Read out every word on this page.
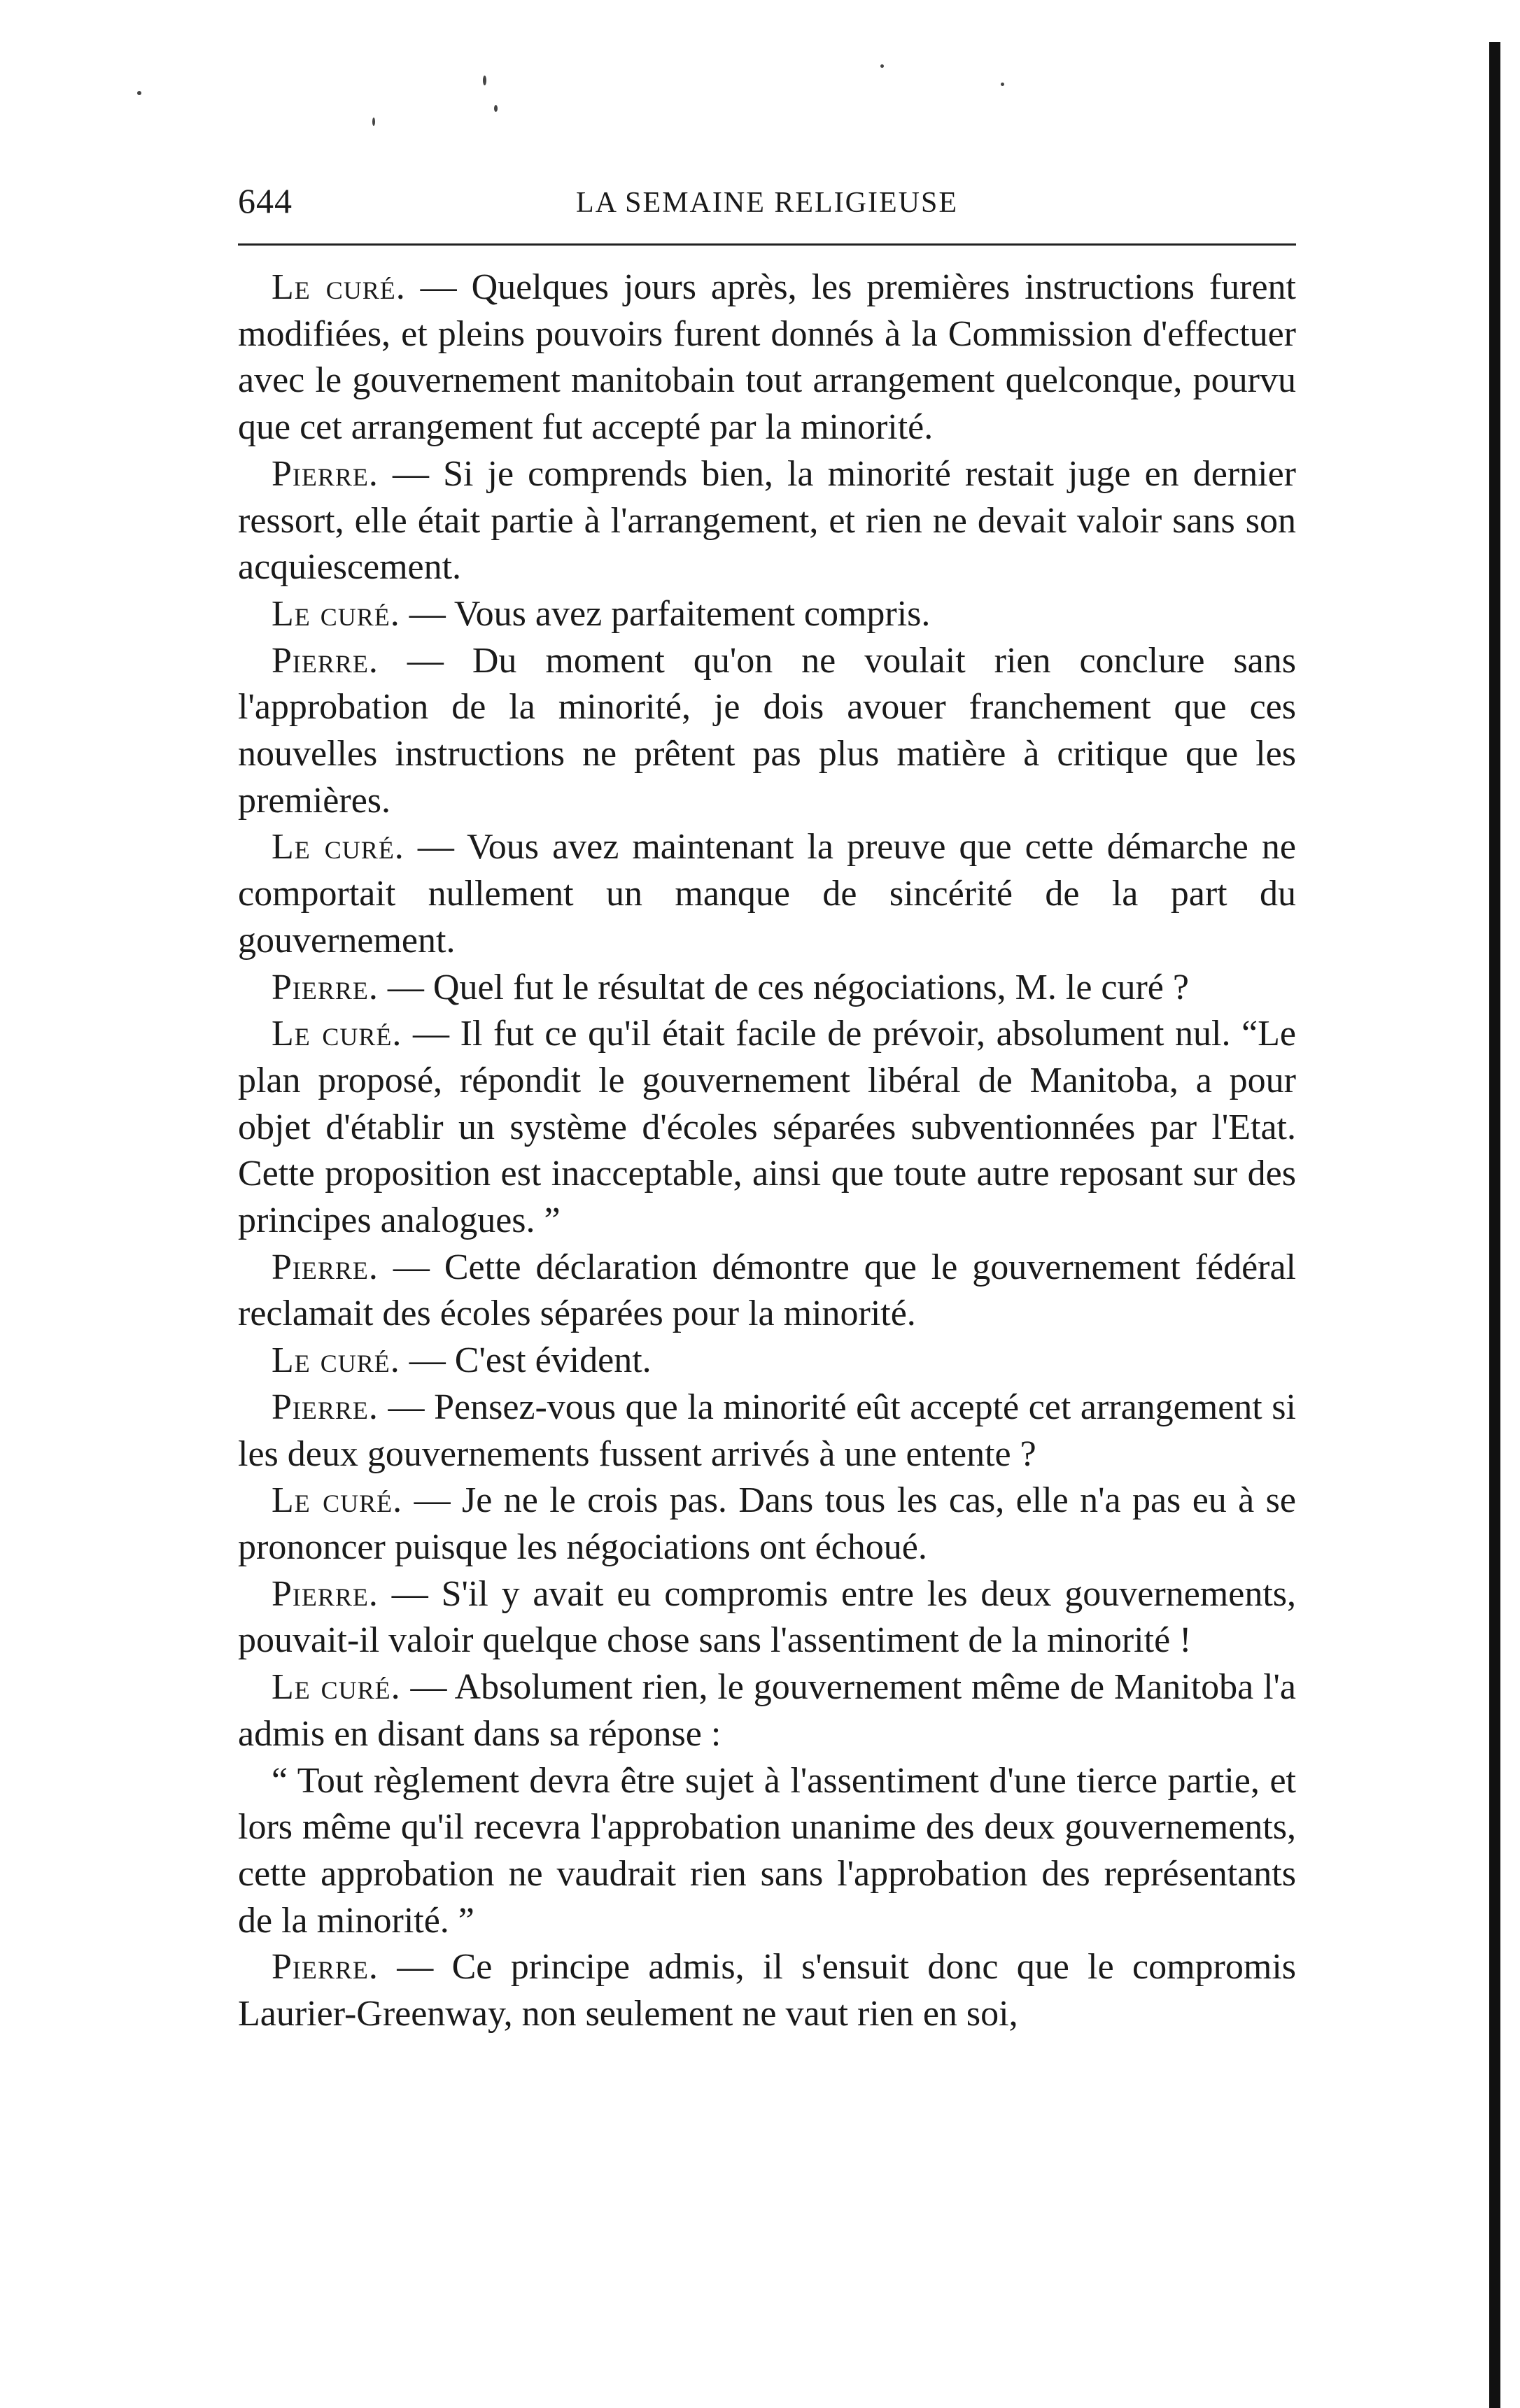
644	LA SEMAINE RELIGIEUSE

Le curé. — Quelques jours après, les premières instructions furent modifiées, et pleins pouvoirs furent donnés à la Commission d'effectuer avec le gouvernement manitobain tout arrangement quelconque, pourvu que cet arrangement fut accepté par la minorité.

Pierre. — Si je comprends bien, la minorité restait juge en dernier ressort, elle était partie à l'arrangement, et rien ne devait valoir sans son acquiescement.

Le curé. — Vous avez parfaitement compris.

Pierre. — Du moment qu'on ne voulait rien conclure sans l'approbation de la minorité, je dois avouer franchement que ces nouvelles instructions ne prêtent pas plus matière à critique que les premières.

Le curé. — Vous avez maintenant la preuve que cette démarche ne comportait nullement un manque de sincérité de la part du gouvernement.

Pierre. — Quel fut le résultat de ces négociations, M. le curé ?

Le curé. — Il fut ce qu'il était facile de prévoir, absolument nul. “Le plan proposé, répondit le gouvernement libéral de Manitoba, a pour objet d'établir un système d'écoles séparées subventionnées par l'Etat. Cette proposition est inacceptable, ainsi que toute autre reposant sur des principes analogues. ”

Pierre. — Cette déclaration démontre que le gouvernement fédéral reclamait des écoles séparées pour la minorité.

Le curé. — C'est évident.

Pierre. — Pensez-vous que la minorité eût accepté cet arrangement si les deux gouvernements fussent arrivés à une entente ?

Le curé. — Je ne le crois pas. Dans tous les cas, elle n'a pas eu à se prononcer puisque les négociations ont échoué.

Pierre. — S'il y avait eu compromis entre les deux gouvernements, pouvait-il valoir quelque chose sans l'assentiment de la minorité !

Le curé. — Absolument rien, le gouvernement même de Manitoba l'a admis en disant dans sa réponse :

“ Tout règlement devra être sujet à l'assentiment d'une tierce partie, et lors même qu'il recevra l'approbation unanime des deux gouvernements, cette approbation ne vaudrait rien sans l'approbation des représentants de la minorité. ”

Pierre. — Ce principe admis, il s'ensuit donc que le compromis Laurier-Greenway, non seulement ne vaut rien en soi,
